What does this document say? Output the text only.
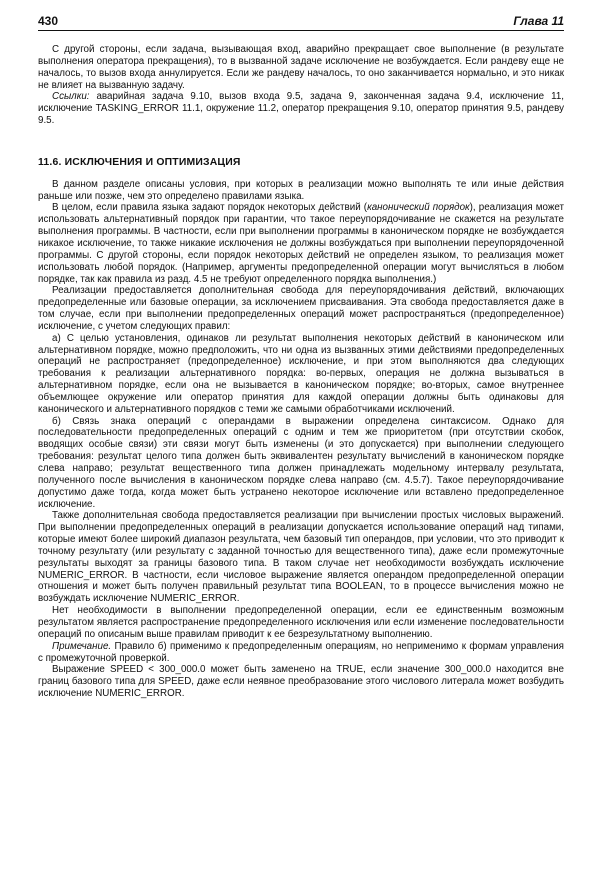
430	Глава 11

С другой стороны, если задача, вызывающая вход, аварийно прекращает свое выполнение (в результате выполнения оператора прекращения), то в вызванной задаче исключение не возбуждается. Если рандеву еще не началось, то вызов входа аннулируется. Если же рандеву началось, то оно заканчивается нормально, и это никак не влияет на вызванную задачу.

Ссылки: аварийная задача 9.10, вызов входа 9.5, задача 9, законченная задача 9.4, исключение 11, исключение TASKING_ERROR 11.1, окружение 11.2, оператор прекращения 9.10, оператор принятия 9.5, рандеву 9.5.

11.6. ИСКЛЮЧЕНИЯ И ОПТИМИЗАЦИЯ

В данном разделе описаны условия, при которых в реализации можно выполнять те или иные действия раньше или позже, чем это определено правилами языка.

В целом, если правила языка задают порядок некоторых действий (канонический порядок), реализация может использовать альтернативный порядок при гарантии, что такое переупорядочивание не скажется на результате выполнения программы. В частности, если при выполнении программы в каноническом порядке не возбуждается никакое исключение, то также никакие исключения не должны возбуждаться при выполнении переупорядоченной программы. С другой стороны, если порядок некоторых действий не определен языком, то реализация может использовать любой порядок. (Например, аргументы предопределенной операции могут вычисляться в любом порядке, так как правила из разд. 4.5 не требуют определенного порядка выполнения.)

Реализации предоставляется дополнительная свобода для переупорядочивания действий, включающих предопределенные или базовые операции, за исключением присваивания. Эта свобода предоставляется даже в том случае, если при выполнении предопределенных операций может распространяться (предопределенное) исключение, с учетом следующих правил:

а) С целью установления, одинаков ли результат выполнения некоторых действий в каноническом или альтернативном порядке, можно предположить, что ни одна из вызванных этими действиями предопределенных операций не распространяет (предопределенное) исключение, и при этом выполняются два следующих требования к реализации альтернативного порядка: во-первых, операция не должна вызываться в альтернативном порядке, если она не вызывается в каноническом порядке; во-вторых, самое внутреннее объемлющее окружение или оператор принятия для каждой операции должны быть одинаковы для канонического и альтернативного порядков с теми же самыми обработчиками исключений.

б) Связь знака операций с операндами в выражении определена синтаксисом. Однако для последовательности предопределенных операций с одним и тем же приоритетом (при отсутствии скобок, вводящих особые связи) эти связи могут быть изменены (и это допускается) при выполнении следующего требования: результат целого типа должен быть эквивалентен результату вычислений в каноническом порядке слева направо; результат вещественного типа должен принадлежать модельному интервалу результата, полученного после вычисления в каноническом порядке слева направо (см. 4.5.7). Такое переупорядочивание допустимо даже тогда, когда может быть устранено некоторое исключение или вставлено предопределенное исключение.

Также дополнительная свобода предоставляется реализации при вычислении простых числовых выражений. При выполнении предопределенных операций в реализации допускается использование операций над типами, которые имеют более широкий диапазон результата, чем базовый тип операндов, при условии, что это приводит к точному результату (или результату с заданной точностью для вещественного типа), даже если промежуточные результаты выходят за границы базового типа. В таком случае нет необходимости возбуждать исключение NUMERIC_ERROR. В частности, если числовое выражение является операндом предопределенной операции отношения и может быть получен правильный результат типа BOOLEAN, то в процессе вычисления можно не возбуждать исключение NUMERIC_ERROR.

Нет необходимости в выполнении предопределенной операции, если ее единственным возможным результатом является распространение предопределенного исключения или если изменение последовательности операций по описаным выше правилам приводит к ее безрезультатному выполнению.

Примечание. Правило б) применимо к предопределенным операциям, но неприменимо к формам управления с промежуточной проверкой.

Выражение SPEED < 300_000.0 может быть заменено на TRUE, если значение 300_000.0 находится вне границ базового типа для SPEED, даже если неявное преобразование этого числового литерала может возбудить исключение NUMERIC_ERROR.
